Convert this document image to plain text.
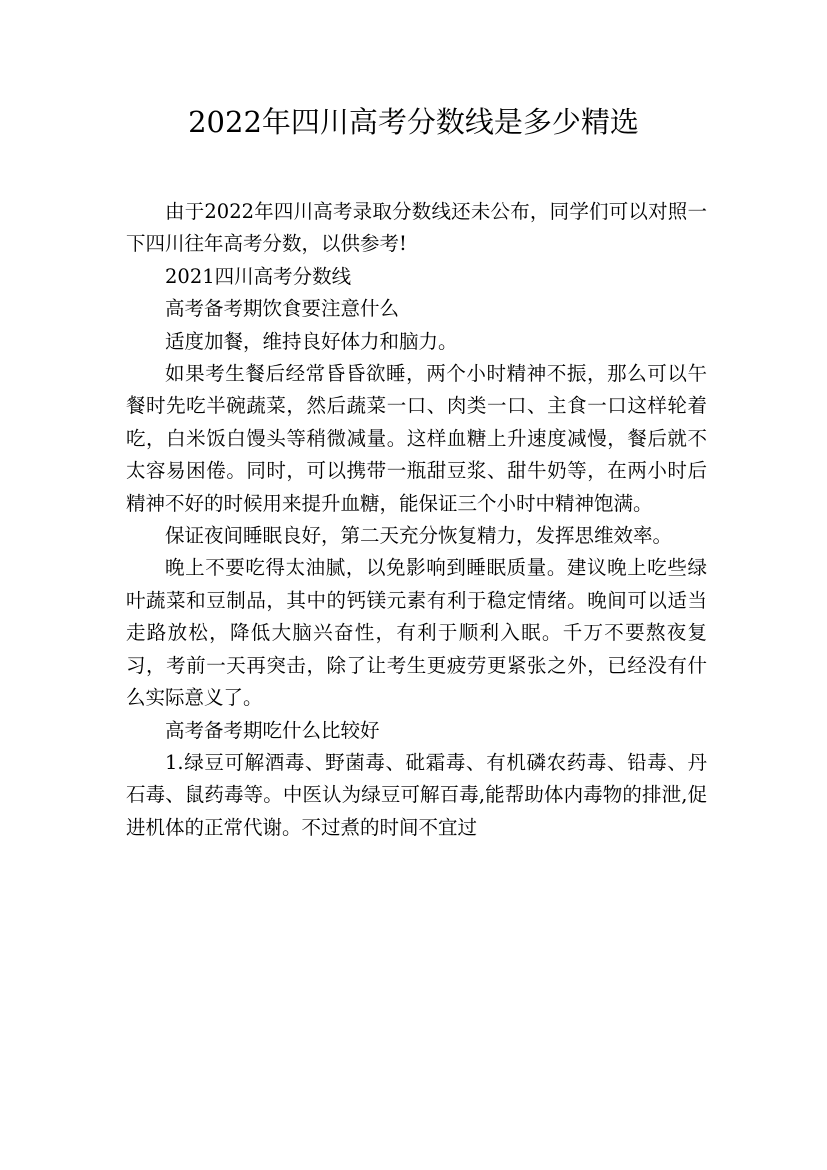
2022年四川高考分数线是多少精选

由于2022年四川高考录取分数线还未公布，同学们可以对照一下四川往年高考分数，以供参考!

2021四川高考分数线

高考备考期饮食要注意什么

适度加餐，维持良好体力和脑力。

如果考生餐后经常昏昏欲睡，两个小时精神不振，那么可以午餐时先吃半碗蔬菜，然后蔬菜一口、肉类一口、主食一口这样轮着吃，白米饭白馒头等稍微减量。这样血糖上升速度减慢，餐后就不太容易困倦。同时，可以携带一瓶甜豆浆、甜牛奶等，在两小时后精神不好的时候用来提升血糖，能保证三个小时中精神饱满。

保证夜间睡眠良好，第二天充分恢复精力，发挥思维效率。

晚上不要吃得太油腻，以免影响到睡眠质量。建议晚上吃些绿叶蔬菜和豆制品，其中的钙镁元素有利于稳定情绪。晚间可以适当走路放松，降低大脑兴奋性，有利于顺利入眠。千万不要熬夜复习，考前一天再突击，除了让考生更疲劳更紧张之外，已经没有什么实际意义了。

高考备考期吃什么比较好

1.绿豆可解酒毒、野菌毒、砒霜毒、有机磷农药毒、铅毒、丹石毒、鼠药毒等。中医认为绿豆可解百毒,能帮助体内毒物的排泄,促进机体的正常代谢。不过煮的时间不宜过
